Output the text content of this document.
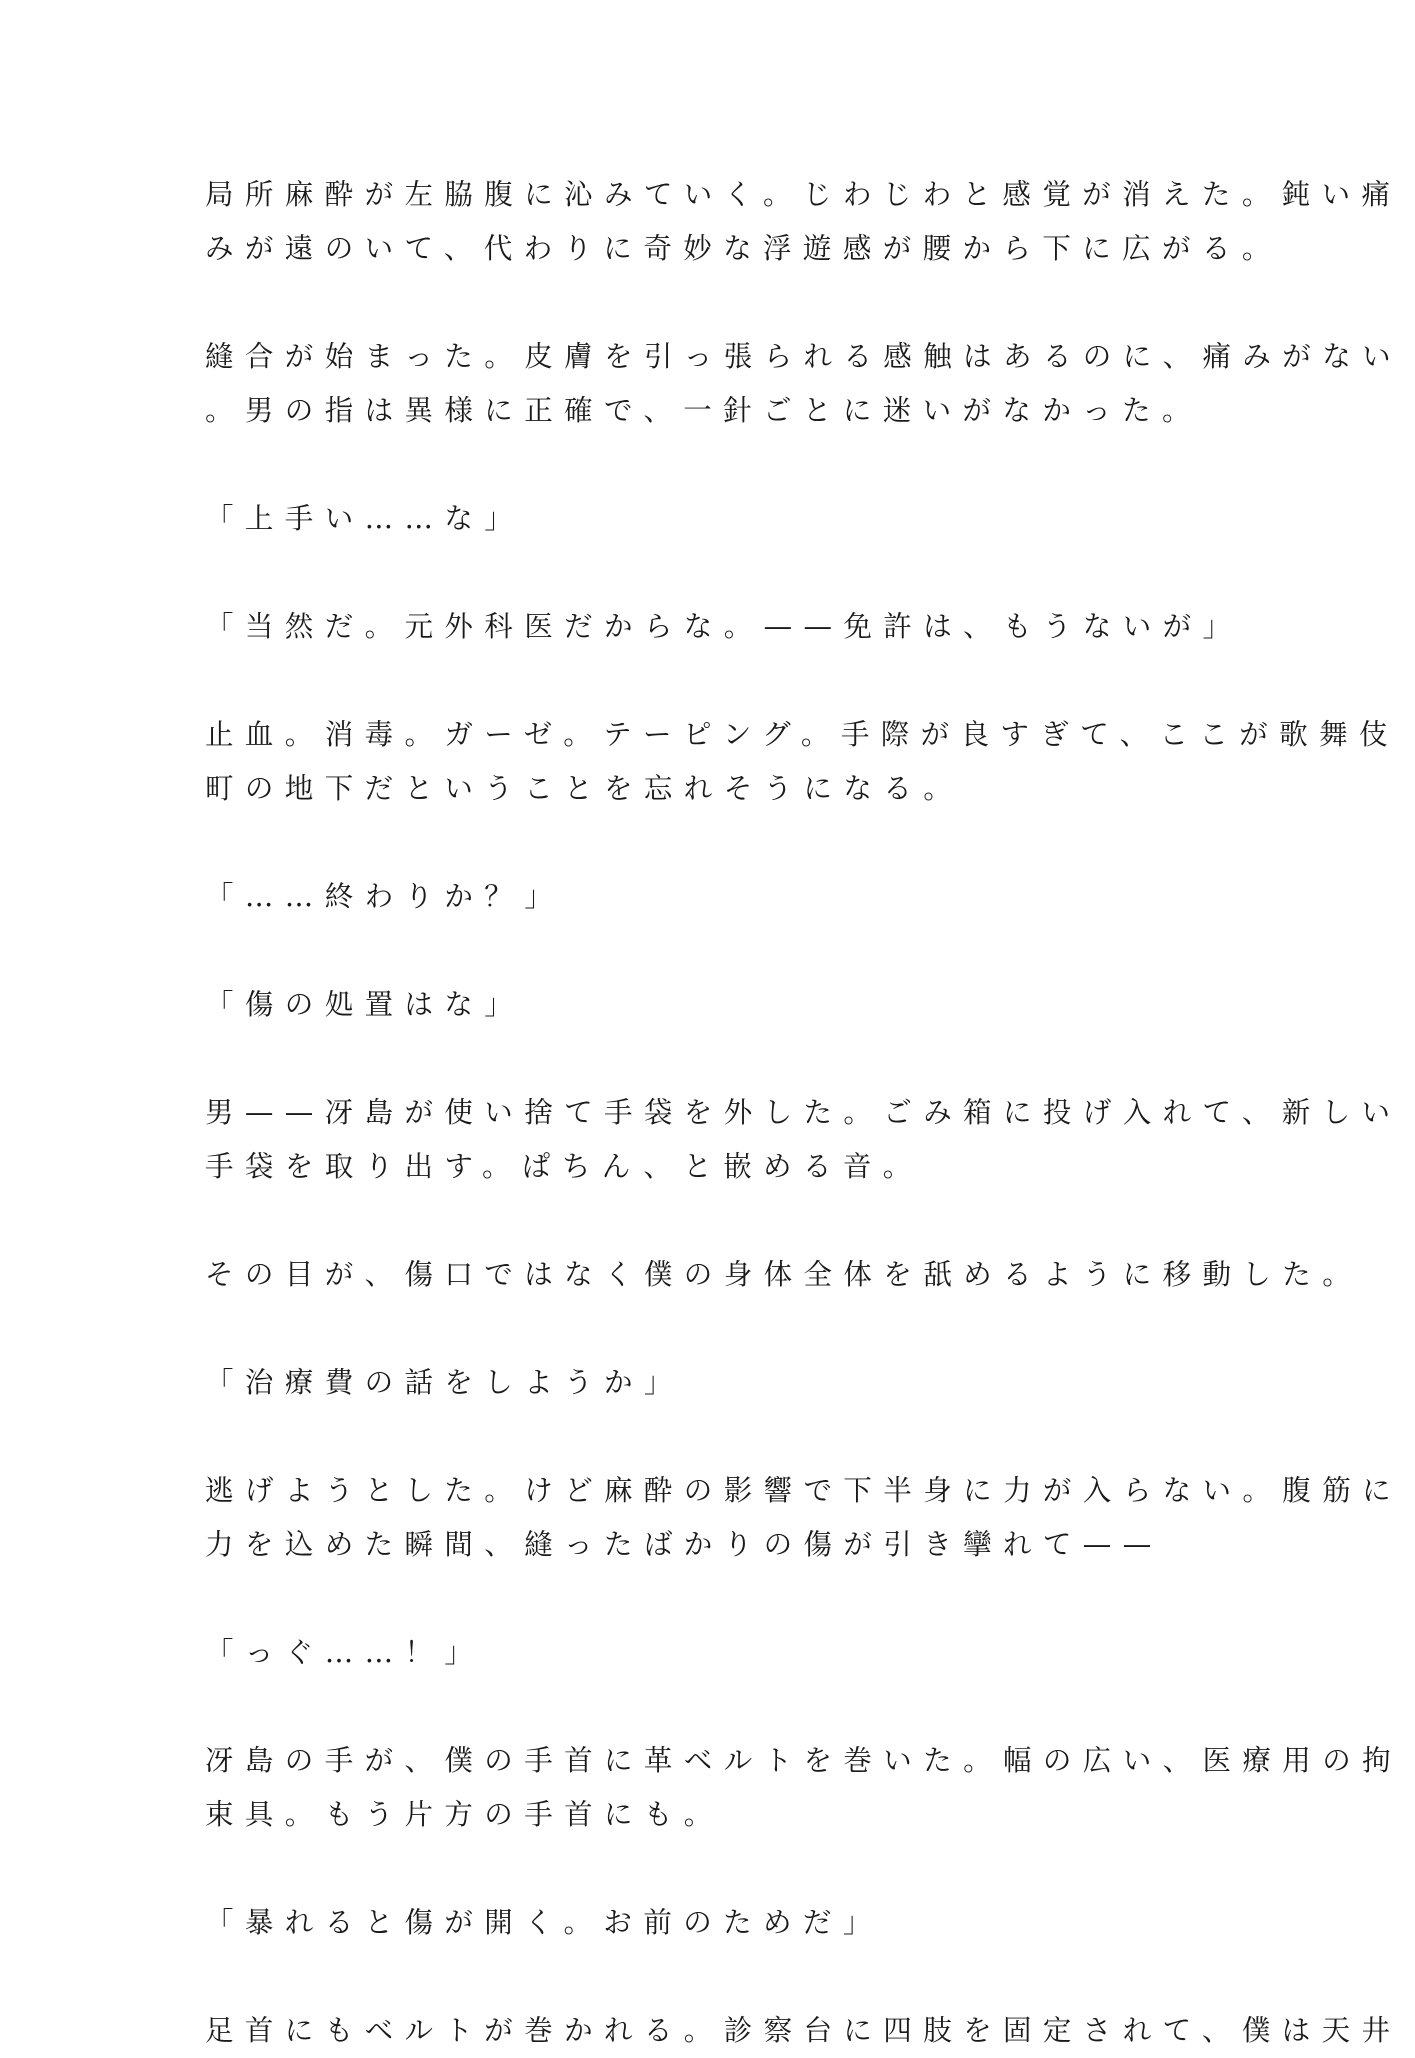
局所麻酔が左脇腹に沁みていく。じわじわと感覚が消えた。鈍い痛
みが遠のいて、代わりに奇妙な浮遊感が腰から下に広がる。
縫合が始まった。皮膚を引っ張られる感触はあるのに、痛みがない
。男の指は異様に正確で、一針ごとに迷いがなかった。
「上手い……な」
「当然だ。元外科医だからな。——免許は、もうないが」
止血。消毒。ガーゼ。テーピング。手際が良すぎて、ここが歌舞伎
町の地下だということを忘れそうになる。
「……終わりか？」
「傷の処置はな」
男——冴島が使い捨て手袋を外した。ごみ箱に投げ入れて、新しい
手袋を取り出す。ぱちん、と嵌める音。
その目が、傷口ではなく僕の身体全体を舐めるように移動した。
「治療費の話をしようか」
逃げようとした。けど麻酔の影響で下半身に力が入らない。腹筋に
力を込めた瞬間、縫ったばかりの傷が引き攣れて——
「っぐ……！」
冴島の手が、僕の手首に革ベルトを巻いた。幅の広い、医療用の拘
束具。もう片方の手首にも。
「暴れると傷が開く。お前のためだ」
足首にもベルトが巻かれる。診察台に四肢を固定されて、僕は天井
